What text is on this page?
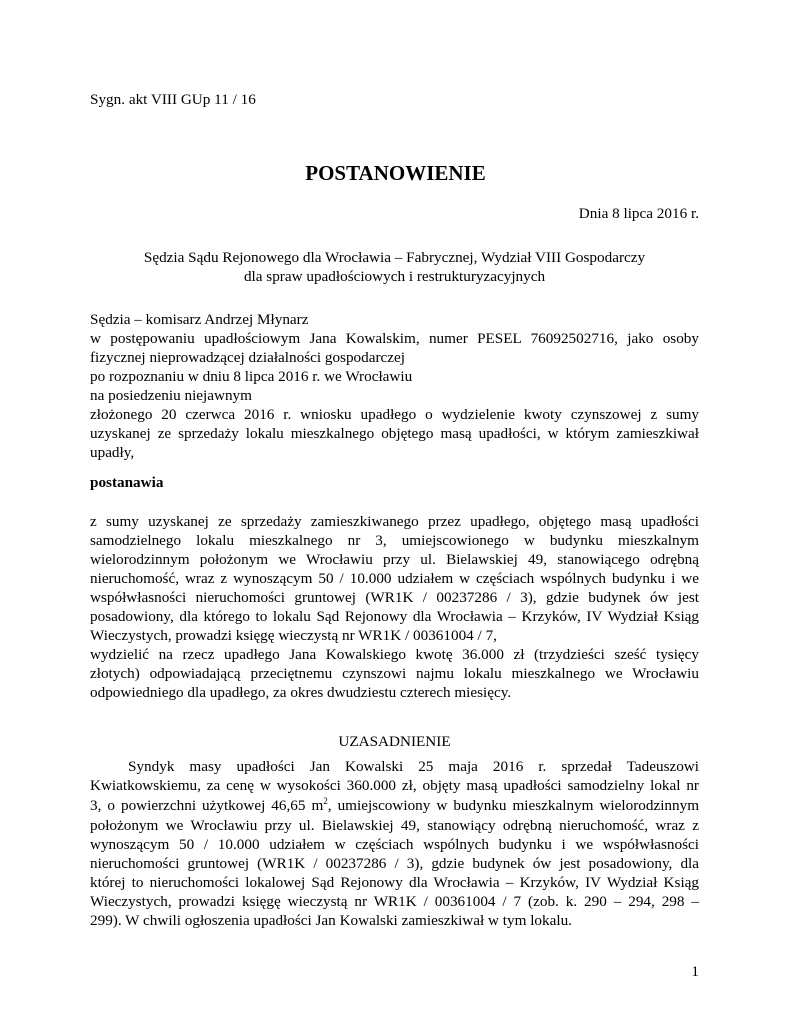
Sygn. akt VIII GUp 11 / 16
POSTANOWIENIE
Dnia 8 lipca 2016 r.
Sędzia Sądu Rejonowego dla Wrocławia – Fabrycznej, Wydział VIII Gospodarczy
dla spraw upadłościowych i restrukturyzacyjnych
Sędzia – komisarz Andrzej Młynarz
w postępowaniu upadłościowym Jana Kowalskim, numer PESEL 76092502716, jako osoby
fizycznej nieprowadzącej działalności gospodarczej
po rozpoznaniu w dniu 8 lipca 2016 r. we Wrocławiu
na posiedzeniu niejawnym
złożonego 20 czerwca 2016 r. wniosku upadłego o wydzielenie kwoty czynszowej z sumy
uzyskanej ze sprzedaży lokalu mieszkalnego objętego masą upadłości, w którym zamieszkiwał
upadły,
postanawia
z sumy uzyskanej ze sprzedaży zamieszkiwanego przez upadłego, objętego masą upadłości
samodzielnego lokalu mieszkalnego nr 3, umiejscowionego w budynku mieszkalnym
wielorodzinnym położonym we Wrocławiu przy ul. Bielawskiej 49, stanowiącego odrębną
nieruchomość, wraz z wynoszącym 50 / 10.000 udziałem w częściach wspólnych budynku i we
współwłasności nieruchomości gruntowej (WR1K / 00237286 / 3), gdzie budynek ów jest
posadowiony, dla którego to lokalu Sąd Rejonowy dla Wrocławia – Krzyków, IV Wydział Ksiąg
Wieczystych, prowadzi księgę wieczystą nr WR1K / 00361004 / 7,
wydzielić na rzecz upadłego Jana Kowalskiego kwotę 36.000 zł (trzydzieści sześć tysięcy
złotych) odpowiadającą przeciętnemu czynszowi najmu lokalu mieszkalnego we Wrocławiu
odpowiedniego dla upadłego, za okres dwudziestu czterech miesięcy.
UZASADNIENIE
Syndyk masy upadłości Jan Kowalski 25 maja 2016 r. sprzedał Tadeuszowi
Kwiatkowskiemu, za cenę w wysokości 360.000 zł, objęty masą upadłości samodzielny lokal nr
3, o powierzchni użytkowej 46,65 $m^2$, umiejscowiony w budynku mieszkalnym wielorodzinnym
położonym we Wrocławiu przy ul. Bielawskiej 49, stanowiący odrębną nieruchomość, wraz z
wynoszącym 50 / 10.000 udziałem w częściach wspólnych budynku i we współwłasności
nieruchomości gruntowej (WR1K / 00237286 / 3), gdzie budynek ów jest posadowiony, dla
której to nieruchomości lokalowej Sąd Rejonowy dla Wrocławia – Krzyków, IV Wydział Ksiąg
Wieczystych, prowadzi księgę wieczystą nr WR1K / 00361004 / 7 (zob. k. 290 – 294, 298 –
299). W chwili ogłoszenia upadłości Jan Kowalski zamieszkiwał w tym lokalu.
1
